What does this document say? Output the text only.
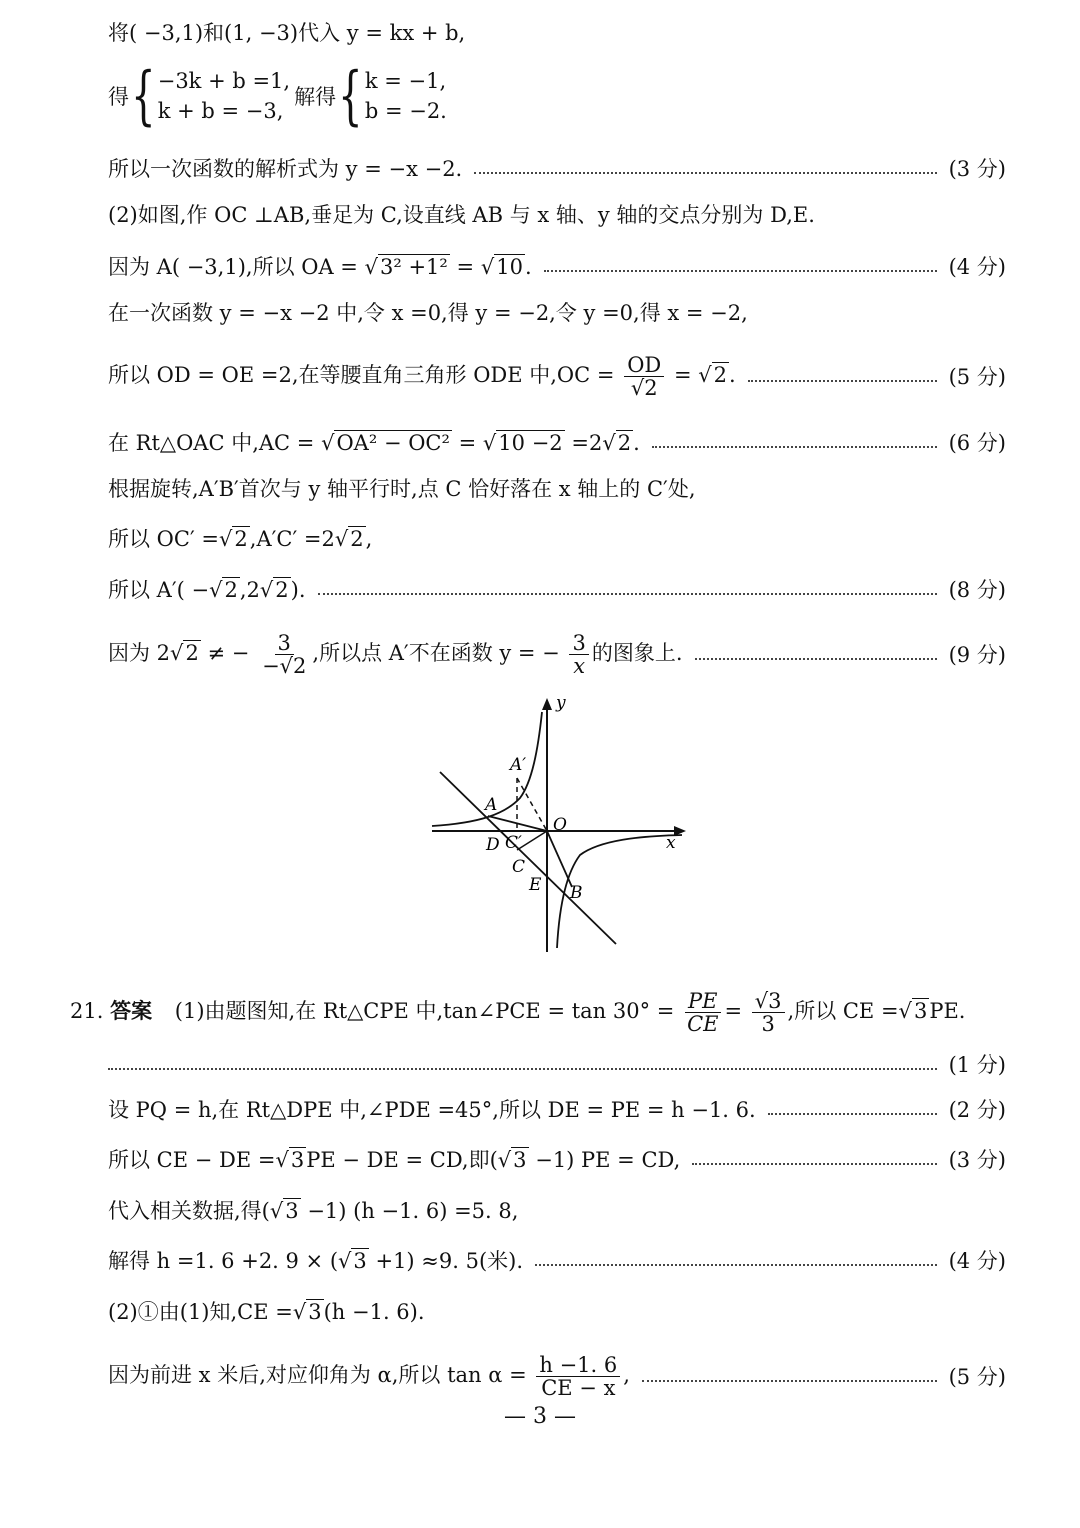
将( −3,1)和(1, −3)代入 y = kx + b,
得 { −3k + b =1,
k + b = −3,
解得 { k = −1,
b = −2.
所以一次函数的解析式为 y = −x −2.	(3 分)
(2)如图,作 OC ⊥AB,垂足为 C,设直线 AB 与 x 轴、y 轴的交点分别为 D,E.
因为 A( −3,1),所以 OA = √3² +1² = √10.	(4 分)
在一次函数 y = −x −2 中,令 x =0,得 y = −2,令 y =0,得 x = −2,
所以 OD = OE =2,在等腰直角三角形 ODE 中$,OC = \frac{OD}{√2} = √2$.	(5 分)
在 Rt△OAC 中,AC = √OA² − OC² = √10 −2 =2√2.	(6 分)
根据旋转,A′B′首次与 y 轴平行时,点 C 恰好落在 x 轴上的 C′处,
所以 OC′ =√2,A′C′ =2√2,
所以 A′( −√2,2√2).	(8 分)
因为 2√2 ≠ − $\frac{3}{-√2}$ ,所以点 A′不在函数 y = − $\frac{3}{x}$ 的图象上.	(9 分)
y
x
O
A
A′
D C′
C
E B
21. 答案 (1)由题图知,在 Rt△CPE 中,tan∠PCE = $\tan 30^\circ = \frac{PE}{CE} = \frac{√3}{3}$ ,所以 CE =√3PE.
(1 分)
设 PQ = h,在 Rt△DPE 中,∠PDE =45°,所以 DE = PE = h −1. 6.	(2 分)
所以 CE − DE =√3PE − DE = CD,即(√3 −1) PE = CD,	(3 分)
代入相关数据,得(√3 −1) (h −1. 6) =5. 8,
解得 h =1. 6 +2. 9 × (√3 +1) ≈9. 5(米).	(4 分)
(2)①由(1)知,CE =√3(h −1. 6).
因为前进 x 米后,对应仰角为 α,所以 $\tan \alpha = \frac{h -1. 6}{CE - x}$ ,	(5 分)
— 3 —
